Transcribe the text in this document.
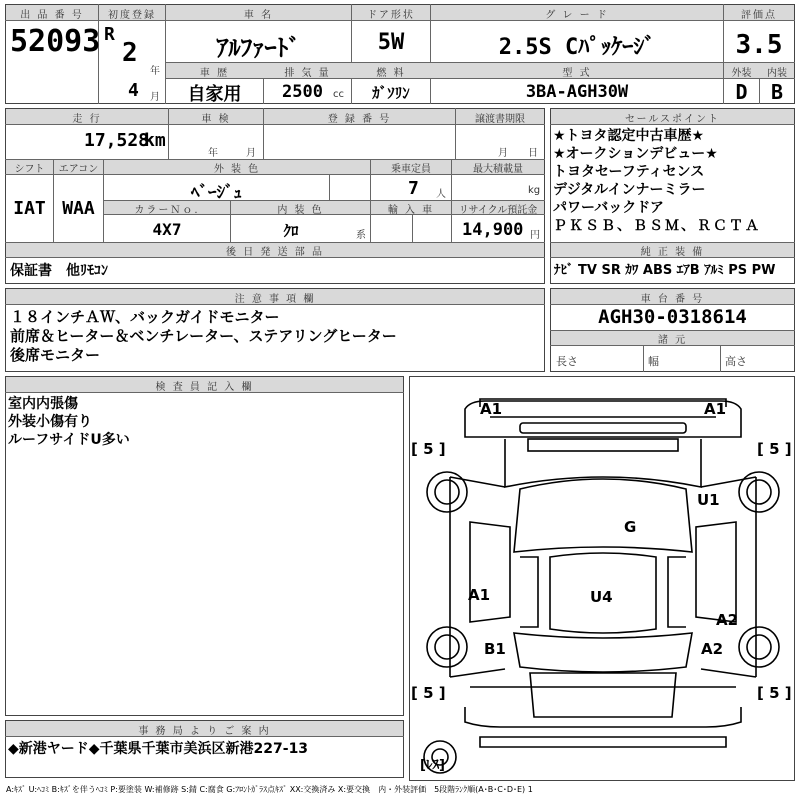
出 品 番 号
52093
初度登録
R
2
年
4 月
車 名
ｱﾙﾌｧｰﾄﾞ
ドア形状
5W
グ レ ー ド
2.5S Cﾊﾟｯｹｰｼﾞ
評価点
3.5
車 歴
自家用
排 気 量
2500 cc
燃 料
ｶﾞｿﾘﾝ
型 式
3BA-AGH30W
外装
D
内装
B
走 行
17,528
km
車 検
年	月
登 録 番 号	譲渡書期限
月 日
シフト
IAT
エアコン
WAA
外 装 色
ﾍﾞｰｼﾞｭ
乗車定員
7 人
最大積載量
kg
カラーＮｏ.
4X7
内 装 色
ｸﾛ	系
輸 入 車	リサイクル預託金
14,900 円
後 日 発 送 部 品
保証書　他ﾘﾓｺﾝ
セールスポイント
★トヨタ認定中古車歴★
★オークションデビュー★
トヨタセーフティセンス
デジタルインナーミラー
パワーバックドア
ＰＫＳＢ、ＢＳＭ、ＲＣＴＡ
純 正 装 備
ﾅﾋﾞ TV SR ｶﾜ ABS ｴｱB ｱﾙﾐ PS PW
注 意 事 項 欄
１８インチＡＷ、バックガイドモニター
前席＆ヒーター＆ベンチレーター、ステアリングヒーター
後席モニター
車 台 番 号
AGH30-0318614
諸 元
長さ	幅	高さ
検 査 員 記 入 欄
室内内張傷
外装小傷有り
ルーフサイドU多い
A1	A1
U1
G
A1	U4
A2
B1	A2
[ 5 ]	[ 5 ]
[ 5 ]	[ 5 ]
[ﾚｽ]
事 務 局 よ り ご 案 内
◆新港ヤード◆千葉県千葉市美浜区新港227-13
A:ｷｽﾞ U:ﾍｺﾐ B:ｷｽﾞを伴うﾍｺﾐ P:要塗装 W:補修跡 S:錆 C:腐食 G:ﾌﾛﾝﾄｶﾞﾗｽ点ｷｽﾞ XX:交換済み X:要交換　内・外装評価　5段階ﾗﾝｸ順(A･B･C･D･E) 1
